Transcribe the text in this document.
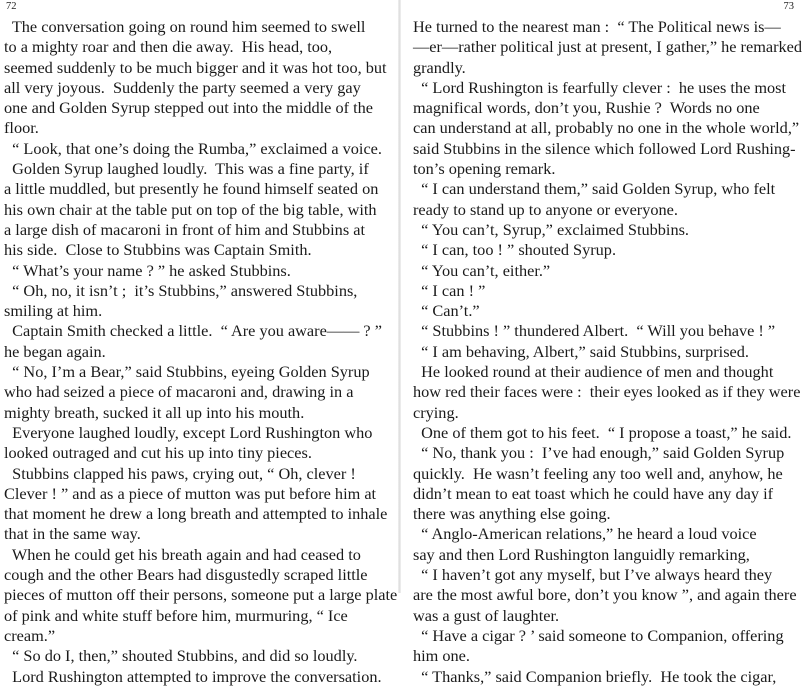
72
The conversation going on round him seemed to swell
to a mighty roar and then die away.  His head, too,
seemed suddenly to be much bigger and it was hot too, but
all very joyous.  Suddenly the party seemed a very gay
one and Golden Syrup stepped out into the middle of the
floor.
“ Look, that one’s doing the Rumba,” exclaimed a voice.
Golden Syrup laughed loudly.  This was a fine party, if
a little muddled, but presently he found himself seated on
his own chair at the table put on top of the big table, with
a large dish of macaroni in front of him and Stubbins at
his side.  Close to Stubbins was Captain Smith.
“ What’s your name ? ” he asked Stubbins.
“ Oh, no, it isn’t ;  it’s Stubbins,” answered Stubbins,
smiling at him.
Captain Smith checked a little.  “ Are you aware—— ? ”
he began again.
“ No, I’m a Bear,” said Stubbins, eyeing Golden Syrup
who had seized a piece of macaroni and, drawing in a
mighty breath, sucked it all up into his mouth.
Everyone laughed loudly, except Lord Rushington who
looked outraged and cut his up into tiny pieces.
Stubbins clapped his paws, crying out, “ Oh, clever !
Clever ! ” and as a piece of mutton was put before him at
that moment he drew a long breath and attempted to inhale
that in the same way.
When he could get his breath again and had ceased to
cough and the other Bears had disgustedly scraped little
pieces of mutton off their persons, someone put a large plate
of pink and white stuff before him, murmuring, “ Ice
cream.”
“ So do I, then,” shouted Stubbins, and did so loudly.
Lord Rushington attempted to improve the conversation.
73
He turned to the nearest man :  “ The Political news is—
—er—rather political just at present, I gather,” he remarked
grandly.
“ Lord Rushington is fearfully clever :  he uses the most
magnifical words, don’t you, Rushie ?  Words no one
can understand at all, probably no one in the whole world,”
said Stubbins in the silence which followed Lord Rushing-
ton’s opening remark.
“ I can understand them,” said Golden Syrup, who felt
ready to stand up to anyone or everyone.
“ You can’t, Syrup,” exclaimed Stubbins.
“ I can, too ! ” shouted Syrup.
“ You can’t, either.”
“ I can ! ”
“ Can’t.”
“ Stubbins ! ” thundered Albert.  “ Will you behave ! ”
“ I am behaving, Albert,” said Stubbins, surprised.
He looked round at their audience of men and thought
how red their faces were :  their eyes looked as if they were
crying.
One of them got to his feet.  “ I propose a toast,” he said.
“ No, thank you :  I’ve had enough,” said Golden Syrup
quickly.  He wasn’t feeling any too well and, anyhow, he
didn’t mean to eat toast which he could have any day if
there was anything else going.
“ Anglo-American relations,” he heard a loud voice
say and then Lord Rushington languidly remarking,
“ I haven’t got any myself, but I’ve always heard they
are the most awful bore, don’t you know ”, and again there
was a gust of laughter.
“ Have a cigar ? ’ said someone to Companion, offering
him one.
“ Thanks,” said Companion briefly.  He took the cigar,
